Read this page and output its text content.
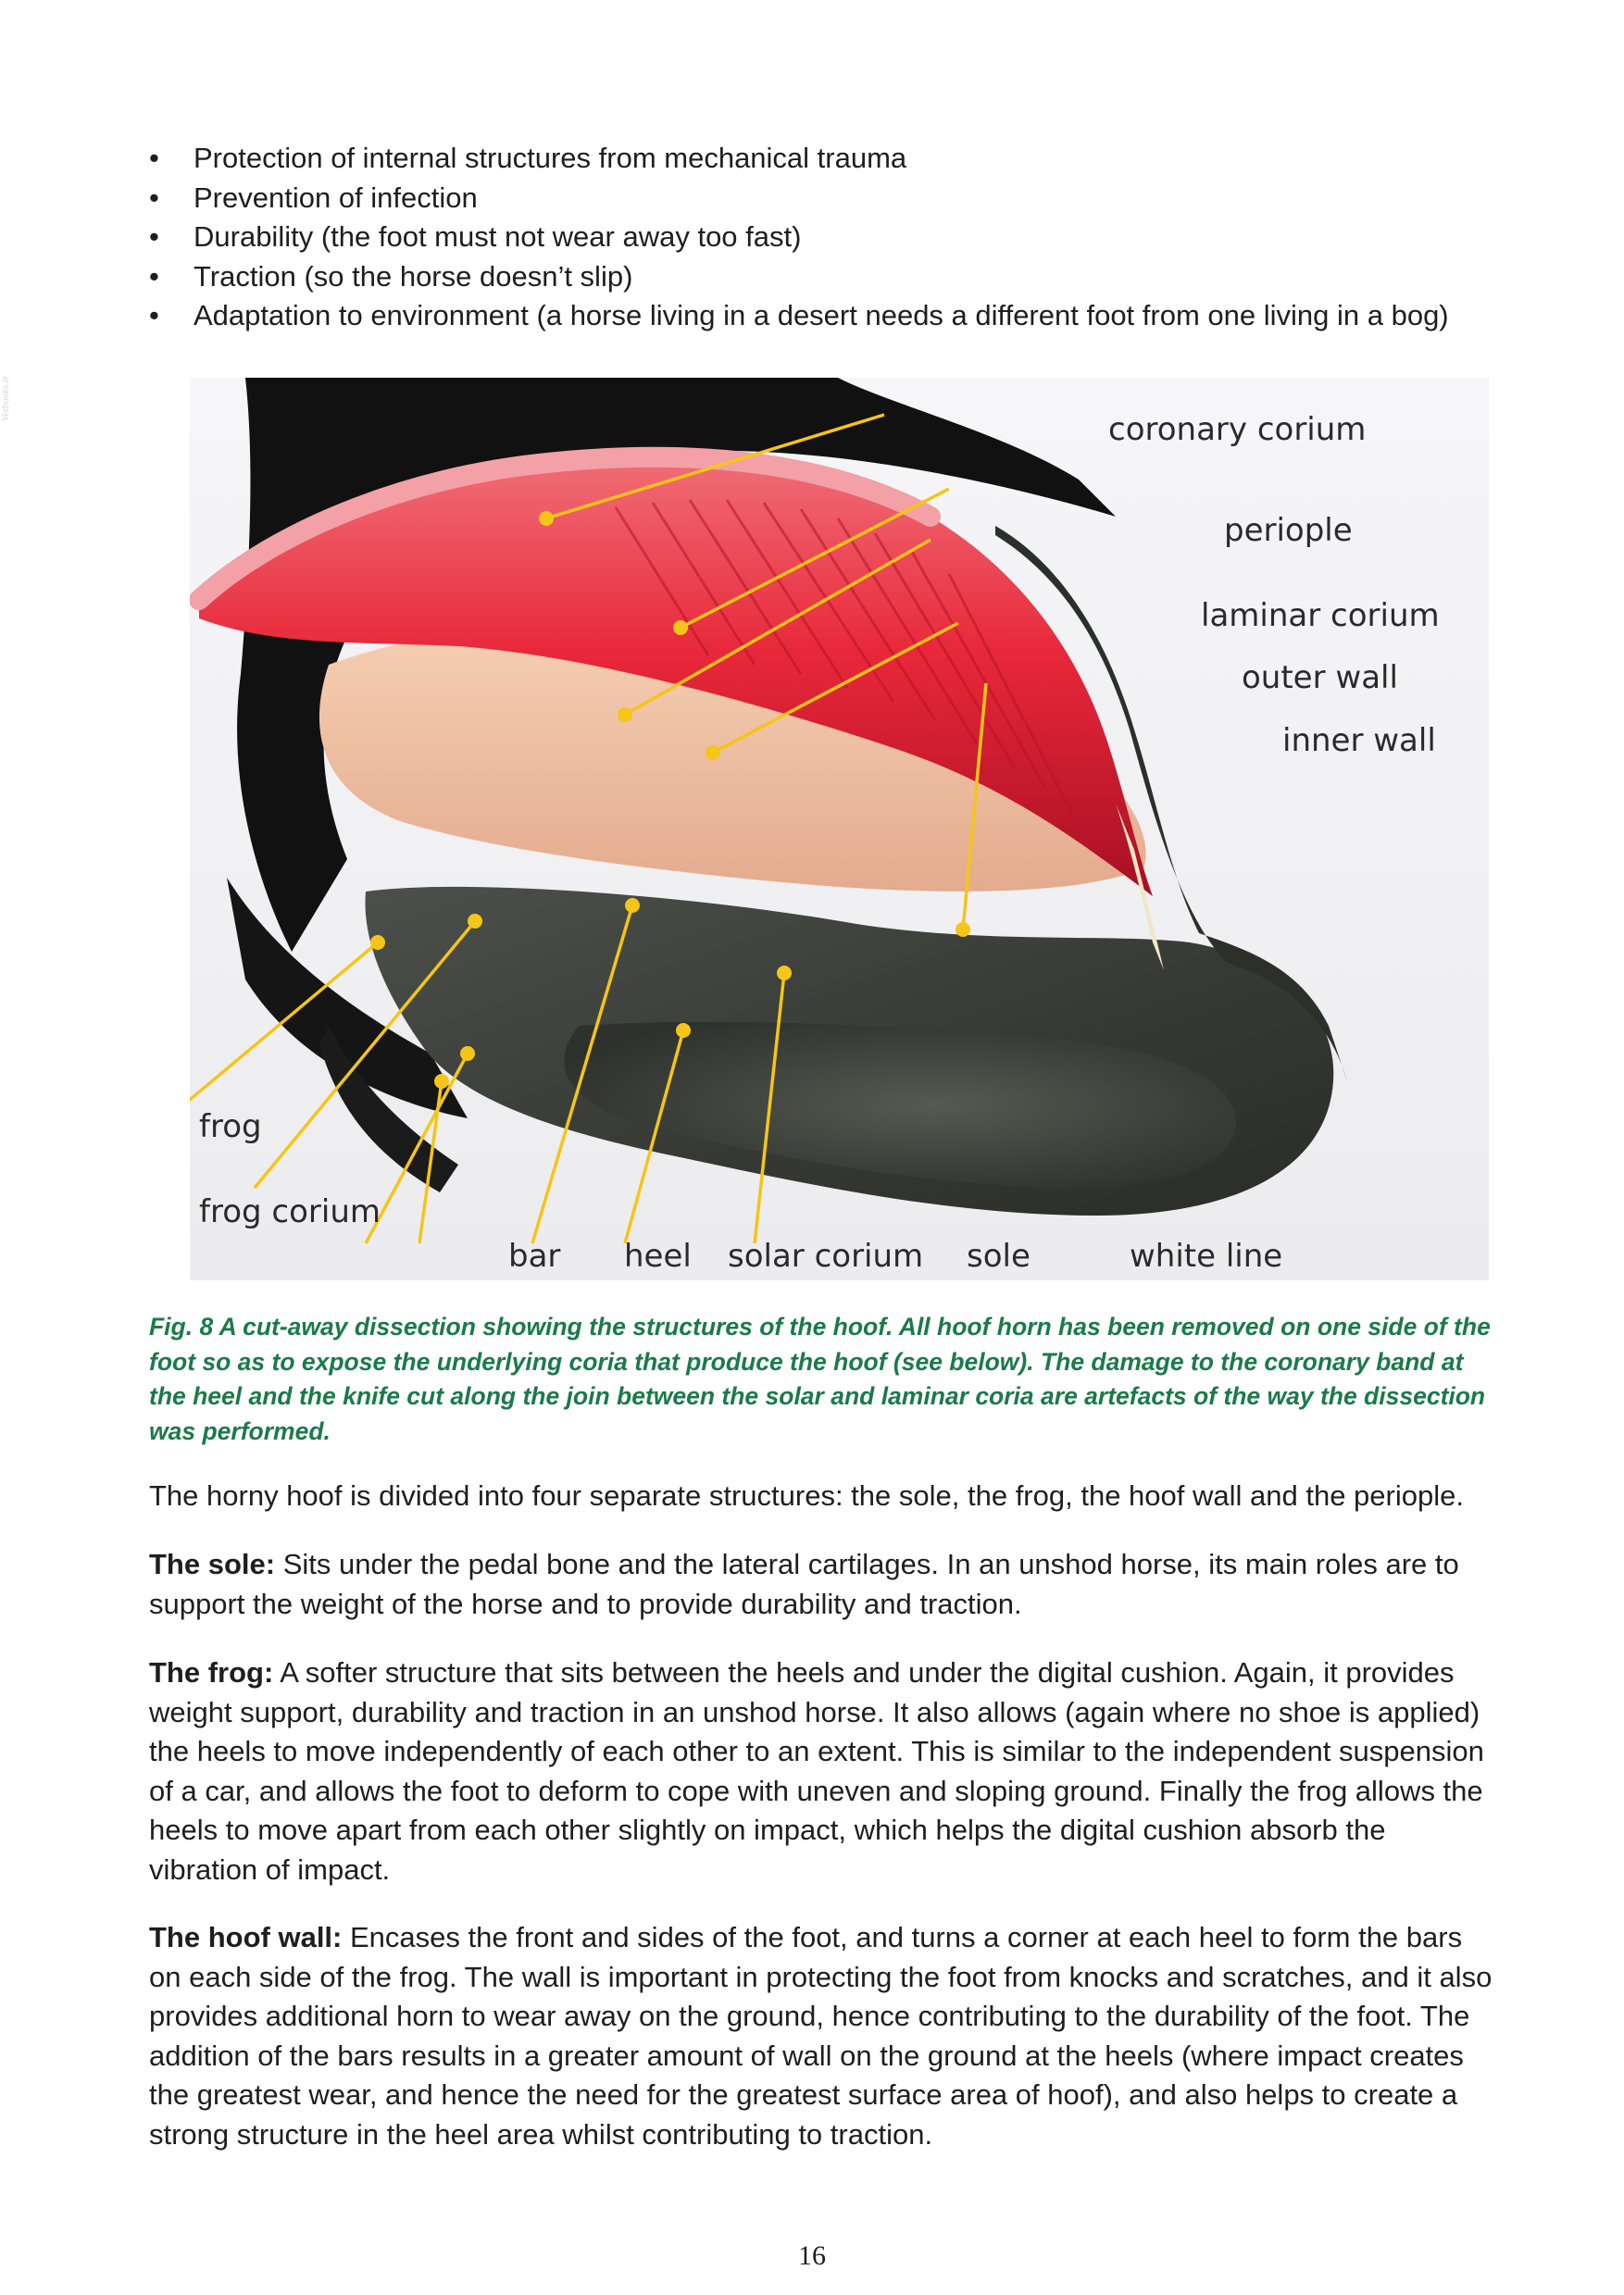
Vetbooks.ir
• Protection of internal structures from mechanical trauma
• Prevention of infection
• Durability (the foot must not wear away too fast)
• Traction (so the horse doesn’t slip)
• Adaptation to environment (a horse living in a desert needs a different foot from one living in a bog)
coronary corium
periople
laminar corium
outer wall
inner wall
frog
frog corium
bar heel solar corium sole	white line
Fig. 8 A cut-away dissection showing the structures of the hoof. All hoof horn has been removed on one side of the foot so as to expose the underlying coria that produce the hoof (see below). The damage to the coronary band at the heel and the knife cut along the join between the solar and laminar coria are artefacts of the way the dissection was performed.

The horny hoof is divided into four separate structures: the sole, the frog, the hoof wall and the periople.

The sole: Sits under the pedal bone and the lateral cartilages. In an unshod horse, its main roles are to support the weight of the horse and to provide durability and traction.

The frog: A softer structure that sits between the heels and under the digital cushion. Again, it provides weight support, durability and traction in an unshod horse. It also allows (again where no shoe is applied) the heels to move independently of each other to an extent. This is similar to the independent suspension of a car, and allows the foot to deform to cope with uneven and sloping ground. Finally the frog allows the heels to move apart from each other slightly on impact, which helps the digital cushion absorb the vibration of impact.

The hoof wall: Encases the front and sides of the foot, and turns a corner at each heel to form the bars on each side of the frog. The wall is important in protecting the foot from knocks and scratches, and it also provides additional horn to wear away on the ground, hence contributing to the durability of the foot. The addition of the bars results in a greater amount of wall on the ground at the heels (where impact creates the greatest wear, and hence the need for the greatest surface area of hoof), and also helps to create a strong structure in the heel area whilst contributing to traction.

16
